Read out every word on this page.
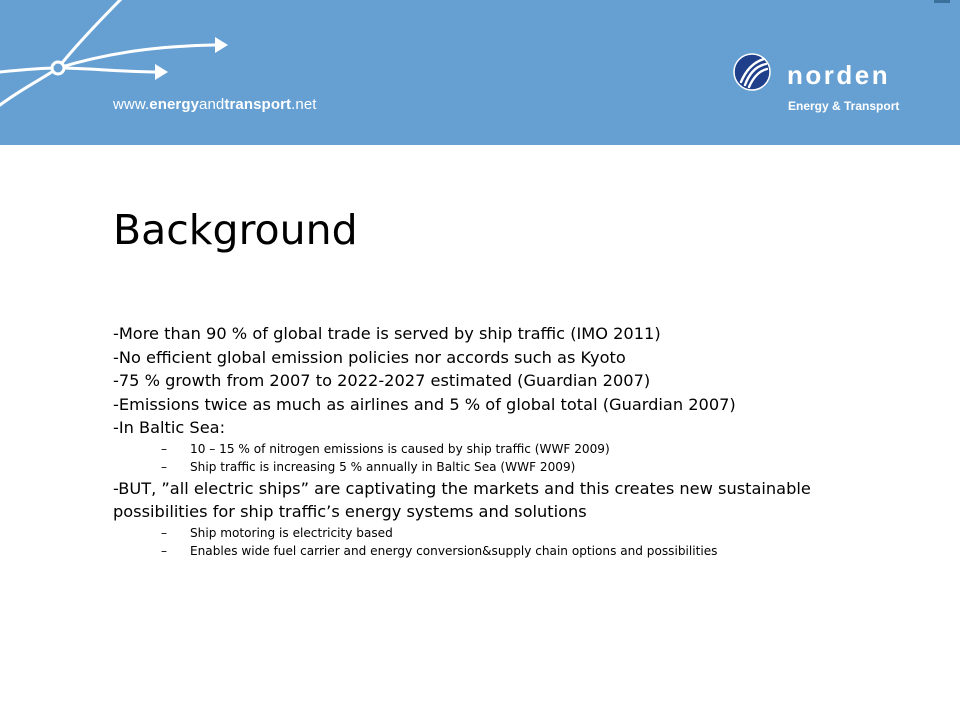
www.energyandtransport.net
norden
Energy & Transport
Background

-More than 90 % of global trade is served by ship traffic (IMO 2011)

-No efficient global emission policies nor accords such as Kyoto

-75 % growth from 2007 to 2022-2027 estimated (Guardian 2007)

-Emissions twice as much as airlines and 5 % of global total (Guardian 2007)

-In Baltic Sea:

– 10 – 15 % of nitrogen emissions is caused by ship traffic (WWF 2009)

– Ship traffic is increasing 5 % annually in Baltic Sea (WWF 2009)

-BUT, ”all electric ships” are captivating the markets and this creates new sustainable possibilities for ship traffic’s energy systems and solutions

– Ship motoring is electricity based

– Enables wide fuel carrier and energy conversion&supply chain options and possibilities
